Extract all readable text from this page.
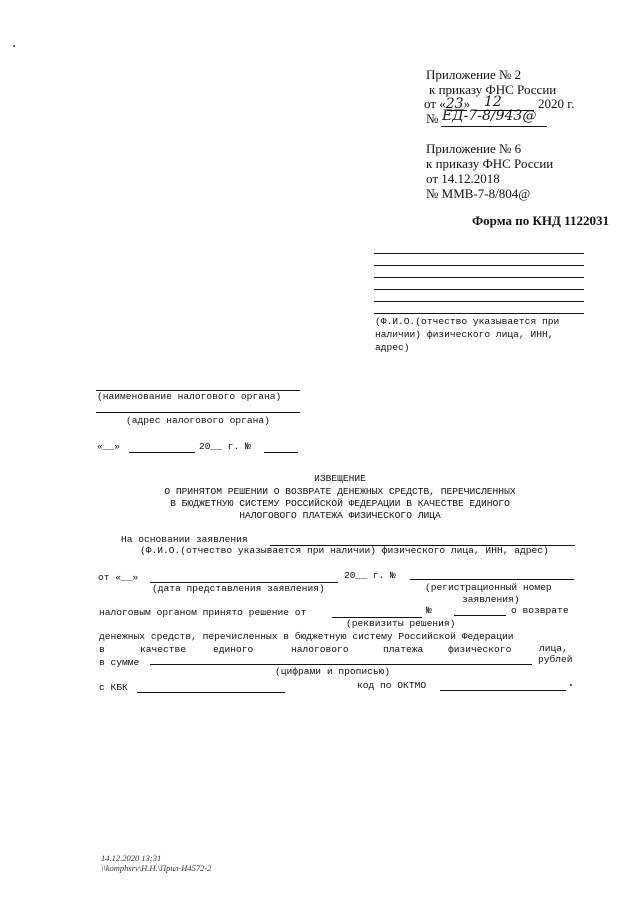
Приложение № 2
к приказу ФНС России
от «23» 12	2020 г.
№ ЕД-7-8/943@
Приложение № 6
к приказу ФНС России
от 14.12.2018
№ ММВ-7-8/804@
Форма по КНД 1122031
(Ф.И.О.(отчество указывается при
наличии) физического лица, ИНН,
адрес)
(наименование налогового органа)
(адрес налогового органа)
«__»	20__ г. №
ИЗВЕЩЕНИЕ
О ПРИНЯТОМ РЕШЕНИИ О ВОЗВРАТЕ ДЕНЕЖНЫХ СРЕДСТВ, ПЕРЕЧИСЛЕННЫХ
В БЮДЖЕТНУЮ СИСТЕМУ РОССИЙСКОЙ ФЕДЕРАЦИИ В КАЧЕСТВЕ ЕДИНОГО
НАЛОГОВОГО ПЛАТЕЖА ФИЗИЧЕСКОГО ЛИЦА
На основании заявления
(Ф.И.О.(отчество указывается при наличии) физического лица, ИНН, адрес)
от «__»	20__ г. №
(дата представления заявления)	(регистрационный номер
заявления)
налоговым органом принято решение от	№	о возврате
(реквизиты решения)
денежных средств, перечисленных в бюджетную систему Российской Федерации
в	качестве	единого	налогового	платежа	физического	лица,
в сумме	рублей
(цифрами и прописью)
с КБК	код по ОКТМО
14.12.2020 13:31
\\komphsrv\Н.Н.\Прил-И4572-2
